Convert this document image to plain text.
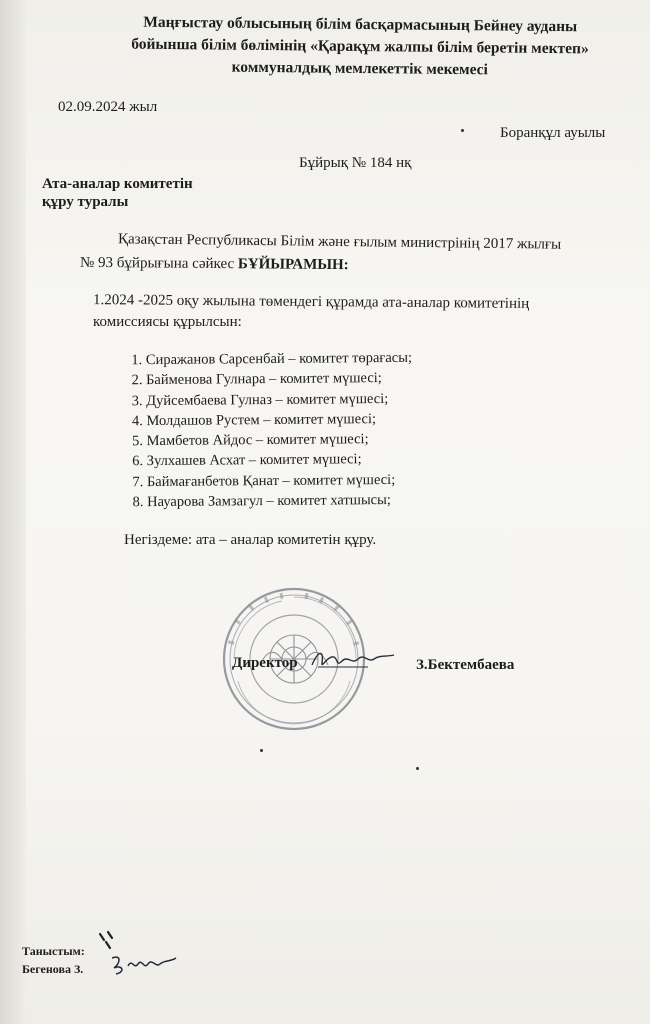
Маңғыстау облысының білім басқармасының Бейнеу ауданы
бойынша білім бөлімінің «Қарақұм жалпы білім беретін мектеп»
коммуналдық мемлекеттік мекемесі
02.09.2024 жыл
Боранқұл ауылы
Бұйрық № 184 нқ
Ата-аналар комитетін
құру туралы
Қазақстан Республикасы Білім және ғылым министрінің 2017 жылғы
№ 93 бұйрығына сәйкес БҰЙЫРАМЫН:
1.2024 -2025 оқу жылына төмендегі құрамда ата-аналар комитетінің
комиссиясы құрылсын:
1. Сиражанов Сарсенбай – комитет төрағасы;
2. Байменова Гулнара – комитет мүшесі;
3. Дуйсембаева Гулназ – комитет мүшесі;
4. Молдашов Рустем – комитет мүшесі;
5. Мамбетов Айдос – комитет мүшесі;
6. Зулхашев Асхат – комитет мүшесі;
7. Баймағанбетов Қанат – комитет мүшесі;
8. Науарова Замзагул – комитет хатшысы;
Негіздеме: ата – аналар комитетін құру.
Директор	З.Бектембаева
Таныстым:
Бегенова З.
